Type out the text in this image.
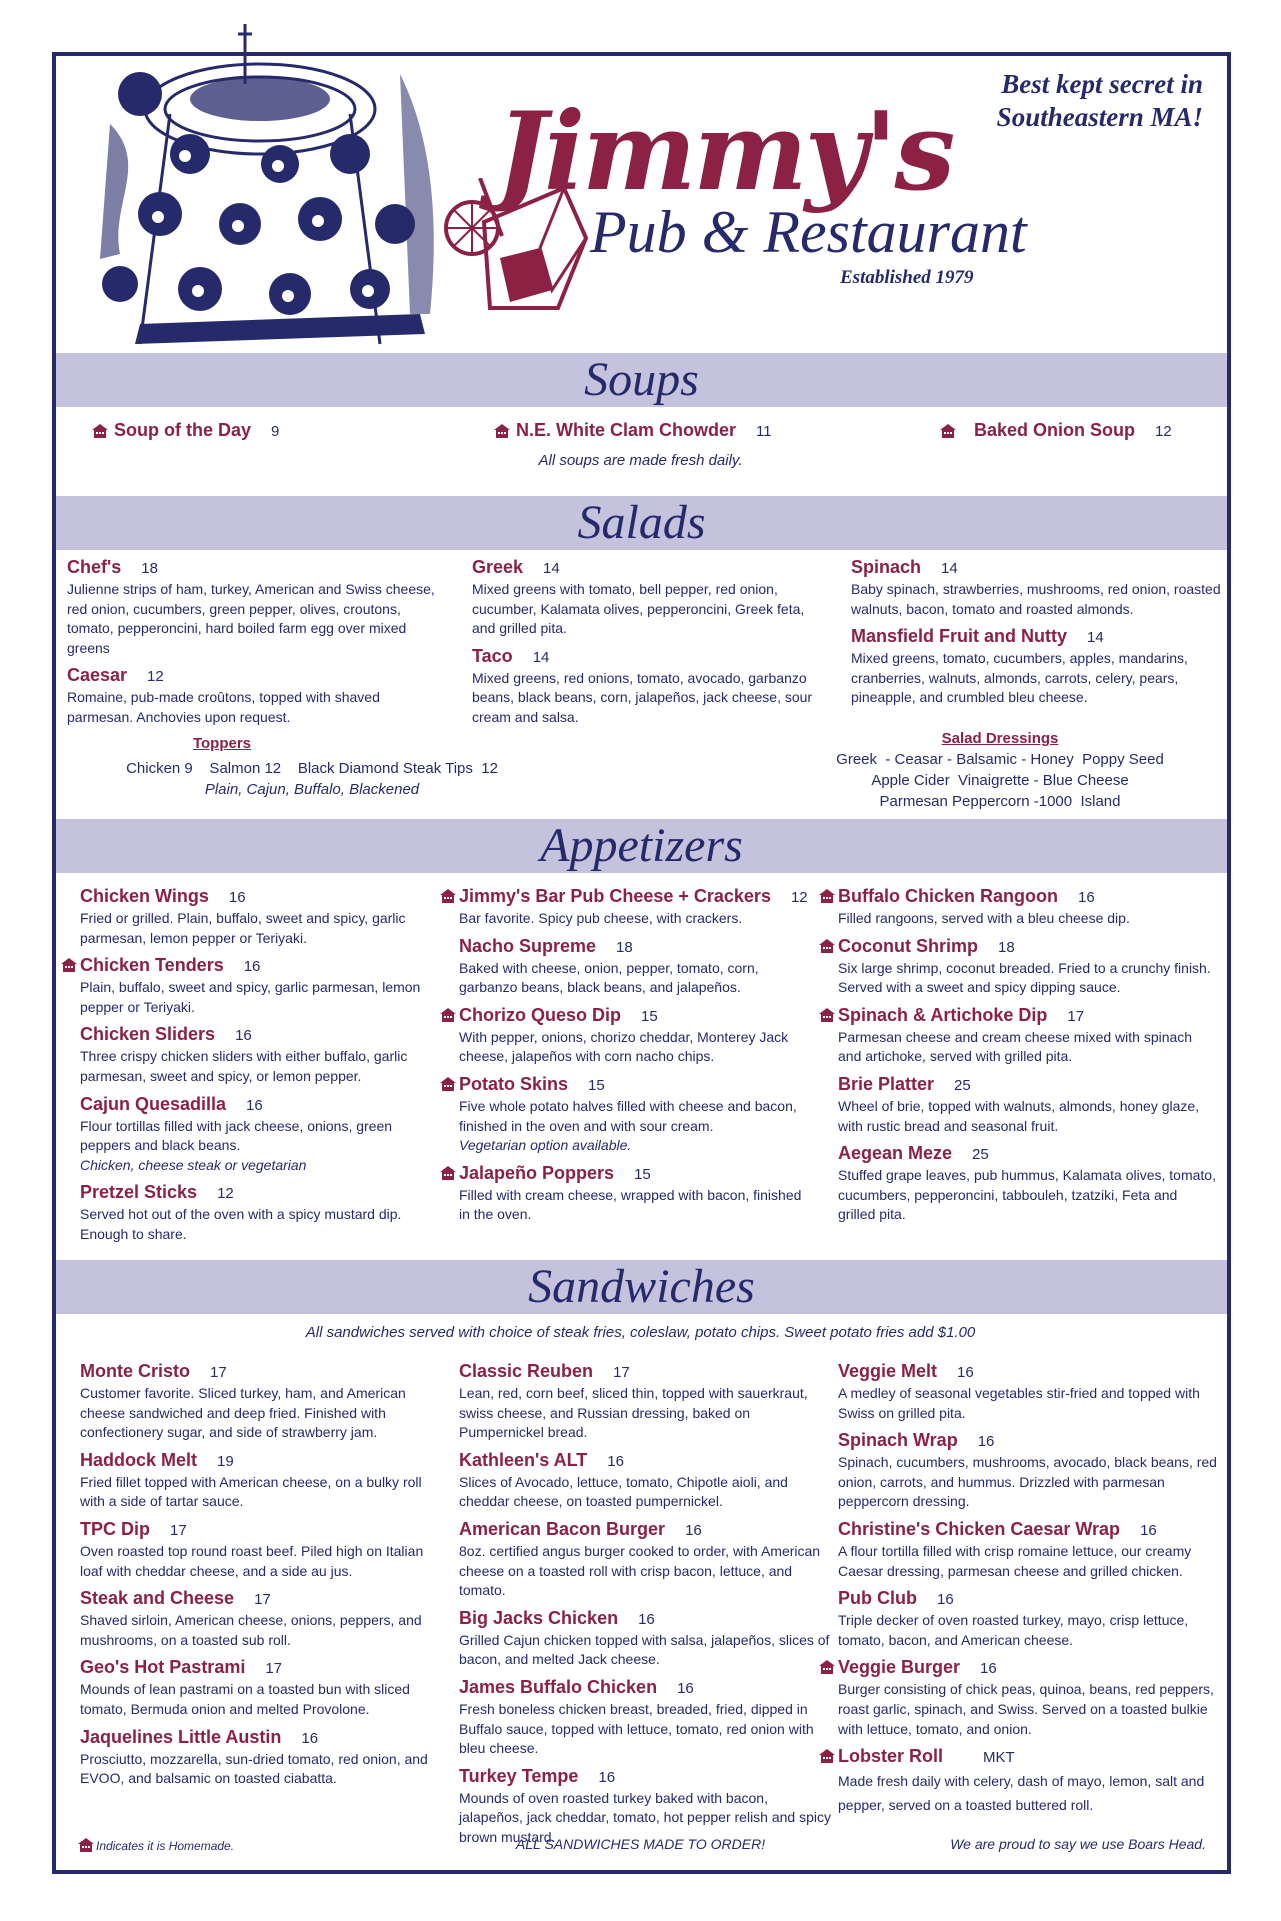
Jimmy's
Pub & Restaurant
Established 1979
Best kept secret in
Southeastern MA!
Soups
Soup of the Day 9	N.E. White Clam Chowder 11	Baked Onion Soup 12
All soups are made fresh daily.
Salads
Chef's 18
Julienne strips of ham, turkey, American and Swiss cheese, red onion, cucumbers, green pepper, olives, croutons, tomato, pepperoncini, hard boiled farm egg over mixed greens
Caesar 12
Romaine, pub-made croûtons, topped with shaved parmesan. Anchovies upon request.
Toppers
Chicken 9    Salmon 12    Black Diamond Steak Tips  12
Plain, Cajun, Buffalo, Blackened
Greek 14
Mixed greens with tomato, bell pepper, red onion, cucumber, Kalamata olives, pepperoncini, Greek feta, and grilled pita.
Taco 14
Mixed greens, red onions, tomato, avocado, garbanzo beans, black beans, corn, jalapeños, jack cheese, sour cream and salsa.
Spinach 14
Baby spinach, strawberries, mushrooms, red onion, roasted walnuts, bacon, tomato and roasted almonds.
Mansfield Fruit and Nutty 14
Mixed greens, tomato, cucumbers, apples, mandarins, cranberries, walnuts, almonds, carrots, celery, pears, pineapple, and crumbled bleu cheese.
Salad Dressings
Greek  - Ceasar - Balsamic - Honey  Poppy Seed
Apple Cider  Vinaigrette - Blue Cheese
Parmesan Peppercorn -1000  Island
Appetizers
Chicken Wings 16
Fried or grilled. Plain, buffalo, sweet and spicy, garlic parmesan, lemon pepper or Teriyaki.
Chicken Tenders 16
Plain, buffalo, sweet and spicy, garlic parmesan, lemon pepper or Teriyaki.
Chicken Sliders 16
Three crispy chicken sliders with either buffalo, garlic parmesan, sweet and spicy, or lemon pepper.
Cajun Quesadilla 16
Flour tortillas filled with jack cheese, onions, green peppers and black beans.
Chicken, cheese steak or vegetarian
Pretzel Sticks 12
Served hot out of the oven with a spicy mustard dip. Enough to share.
Jimmy's Bar Pub Cheese + Crackers 12
Bar favorite. Spicy pub cheese, with crackers.
Nacho Supreme 18
Baked with cheese, onion, pepper, tomato, corn, garbanzo beans, black beans, and jalapeños.
Chorizo Queso Dip 15
With pepper, onions, chorizo cheddar, Monterey Jack cheese, jalapeños with corn nacho chips.
Potato Skins 15
Five whole potato halves filled with cheese and bacon, finished in the oven and with sour cream.
Vegetarian option available.
Jalapeño Poppers 15
Filled with cream cheese, wrapped with bacon, finished in the oven.
Buffalo Chicken Rangoon 16
Filled rangoons, served with a bleu cheese dip.
Coconut Shrimp 18
Six large shrimp, coconut breaded. Fried to a crunchy finish. Served with a sweet and spicy dipping sauce.
Spinach & Artichoke Dip 17
Parmesan cheese and cream cheese mixed with spinach and artichoke, served with grilled pita.
Brie Platter 25
Wheel of brie, topped with walnuts, almonds, honey glaze, with rustic bread and seasonal fruit.
Aegean Meze 25
Stuffed grape leaves, pub hummus, Kalamata olives, tomato, cucumbers, pepperoncini, tabbouleh, tzatziki, Feta and grilled pita.
Sandwiches
All sandwiches served with choice of steak fries, coleslaw, potato chips. Sweet potato fries add $1.00
Monte Cristo 17
Customer favorite. Sliced turkey, ham, and American cheese sandwiched and deep fried. Finished with confectionery sugar, and side of strawberry jam.
Haddock Melt 19
Fried fillet topped with American cheese, on a bulky roll with a side of tartar sauce.
TPC Dip 17
Oven roasted top round roast beef. Piled high on Italian loaf with cheddar cheese, and a side au jus.
Steak and Cheese 17
Shaved sirloin, American cheese, onions, peppers, and mushrooms, on a toasted sub roll.
Geo's Hot Pastrami 17
Mounds of lean pastrami on a toasted bun with sliced tomato, Bermuda onion and melted Provolone.
Jaquelines Little Austin 16
Prosciutto, mozzarella, sun-dried tomato, red onion, and EVOO, and balsamic on toasted ciabatta.
Classic Reuben 17
Lean, red, corn beef, sliced thin, topped with sauerkraut, swiss cheese, and Russian dressing, baked on Pumpernickel bread.
Kathleen's ALT 16
Slices of Avocado, lettuce, tomato, Chipotle aioli, and cheddar cheese, on toasted pumpernickel.
American Bacon Burger 16
8oz. certified angus burger cooked to order, with American cheese on a toasted roll with crisp bacon, lettuce, and tomato.
Big Jacks Chicken 16
Grilled Cajun chicken topped with salsa, jalapeños, slices of bacon, and melted Jack cheese.
James Buffalo Chicken 16
Fresh boneless chicken breast, breaded, fried, dipped in Buffalo sauce, topped with lettuce, tomato, red onion with bleu cheese.
Turkey Tempe 16
Mounds of oven roasted turkey baked with bacon, jalapeños, jack cheddar, tomato, hot pepper relish and spicy brown mustard.
Veggie Melt 16
A medley of seasonal vegetables stir-fried and topped with Swiss on grilled pita.
Spinach Wrap 16
Spinach, cucumbers, mushrooms, avocado, black beans, red onion, carrots, and hummus. Drizzled with parmesan peppercorn dressing.
Christine's Chicken Caesar Wrap 16
A flour tortilla filled with crisp romaine lettuce, our creamy Caesar dressing, parmesan cheese and grilled chicken.
Pub Club 16
Triple decker of oven roasted turkey, mayo, crisp lettuce, tomato, bacon, and American cheese.
Veggie Burger 16
Burger consisting of chick peas, quinoa, beans, red peppers, roast garlic, spinach, and Swiss. Served on a toasted bulkie with lettuce, tomato, and onion.
Lobster Roll	MKT
Made fresh daily with celery, dash of mayo, lemon, salt and pepper, served on a toasted buttered roll.
Indicates it is Homemade.	ALL SANDWICHES MADE TO ORDER!	We are proud to say we use Boars Head.
